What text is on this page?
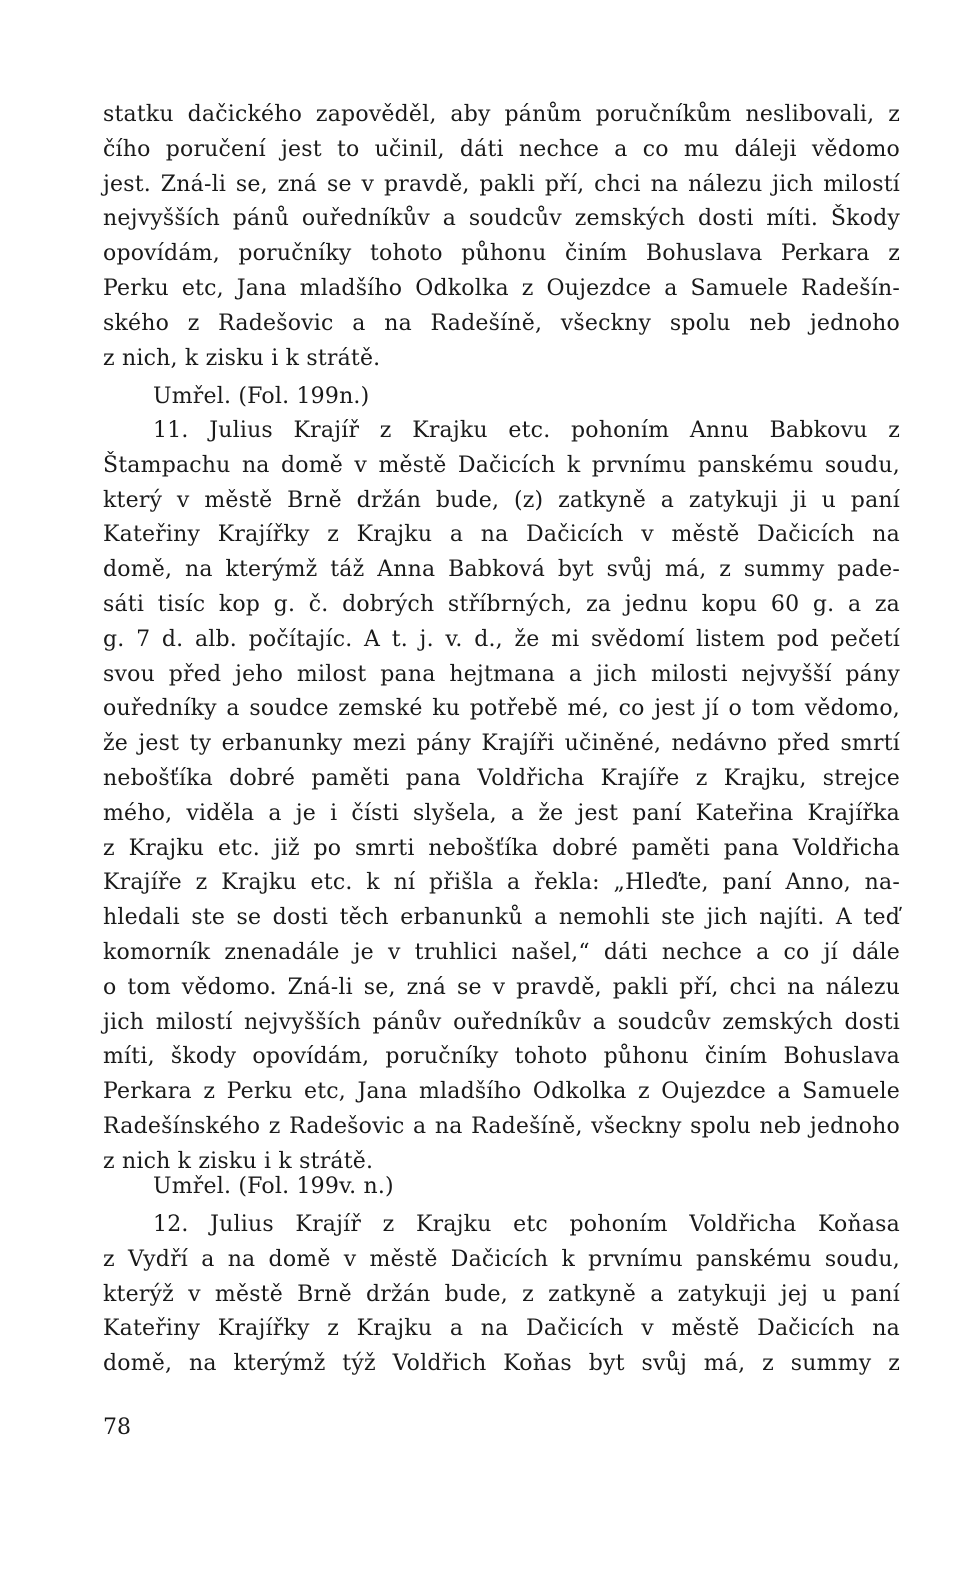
statku dačického zapověděl, aby pánům poručníkům neslibovali, z
čího poručení jest to učinil, dáti nechce a co mu dáleji vědomo
jest. Zná-li se, zná se v pravdě, pakli pří, chci na nálezu jich milostí
nejvyšších pánů ouředníkův a soudcův zemských dosti míti. Škody
opovídám, poručníky tohoto půhonu činím Bohuslava Perkara z
Perku etc, Jana mladšího Odkolka z Oujezdce a Samuele Radešín-
ského z Radešovic a na Radešíně, všeckny spolu neb jednoho
z nich, k zisku i k strátě.
Umřel. (Fol. 199n.)
11. Julius Krajíř z Krajku etc. pohoním Annu Babkovu z
Štampachu na domě v městě Dačicích k prvnímu panskému soudu,
který v městě Brně držán bude, (z) zatkyně a zatykuji ji u paní
Kateřiny Krajířky z Krajku a na Dačicích v městě Dačicích na
domě, na kterýmž táž Anna Babková byt svůj má, z summy pade-
sáti tisíc kop g. č. dobrých stříbrných, za jednu kopu 60 g. a za
g. 7 d. alb. počítajíc. A t. j. v. d., že mi svědomí listem pod pečetí
svou před jeho milost pana hejtmana a jich milosti nejvyšší pány
ouředníky a soudce zemské ku potřebě mé, co jest jí o tom vědomo,
že jest ty erbanunky mezi pány Krajíři učiněné, nedávno před smrtí
nebošťíka dobré paměti pana Voldřicha Krajíře z Krajku, strejce
mého, viděla a je i čísti slyšela, a že jest paní Kateřina Krajířka
z Krajku etc. již po smrti nebošťíka dobré paměti pana Voldřicha
Krajíře z Krajku etc. k ní přišla a řekla: „Hleďte, paní Anno, na-
hledali ste se dosti těch erbanunků a nemohli ste jich najíti. A teď
komorník znenadále je v truhlici našel,“ dáti nechce a co jí dále
o tom vědomo. Zná-li se, zná se v pravdě, pakli pří, chci na nálezu
jich milostí nejvyšších pánův ouředníkův a soudcův zemských dosti
míti, škody opovídám, poručníky tohoto půhonu činím Bohuslava
Perkara z Perku etc, Jana mladšího Odkolka z Oujezdce a Samuele
Radešínského z Radešovic a na Radešíně, všeckny spolu neb jednoho
z nich k zisku i k strátě.
Umřel. (Fol. 199v. n.)
12. Julius Krajíř z Krajku etc pohoním Voldřicha Koňasa
z Vydří a na domě v městě Dačicích k prvnímu panskému soudu,
kterýž v městě Brně držán bude, z zatkyně a zatykuji jej u paní
Kateřiny Krajířky z Krajku a na Dačicích v městě Dačicích na
domě, na kterýmž týž Voldřich Koňas byt svůj má, z summy z
78
